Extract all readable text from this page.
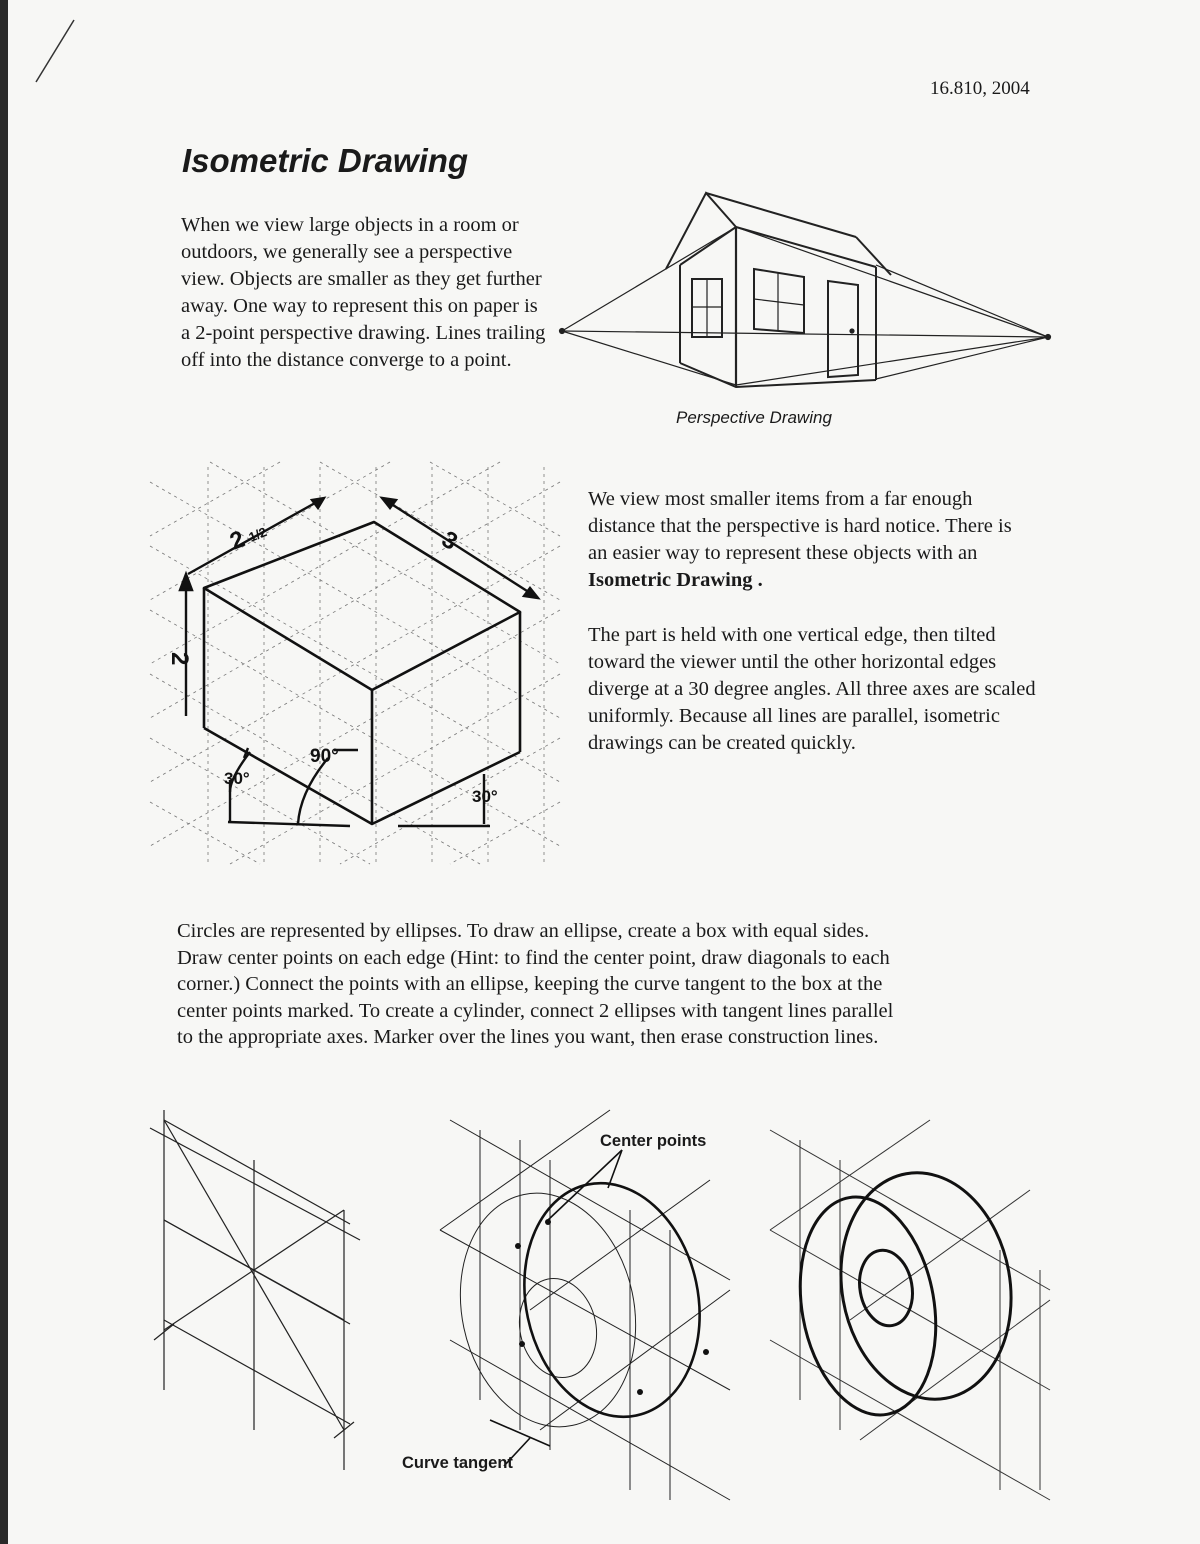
16.810, 2004
Isometric Drawing

When we view large objects in a room or outdoors, we generally see a perspective view. Objects are smaller as they get further away. One way to represent this on paper is a 2-point perspective drawing. Lines trailing off into the distance converge to a point.

Perspective Drawing
2
1/2	3
2
90°
30°
30°

We view most smaller items from a far enough distance that the perspective is hard notice. There is an easier way to represent these objects with an Isometric Drawing .

The part is held with one vertical edge, then tilted toward the viewer until the other horizontal edges diverge at a 30 degree angles. All three axes are scaled uniformly. Because all lines are parallel, isometric drawings can be created quickly.

Circles are represented by ellipses. To draw an ellipse, create a box with equal sides.
Draw center points on each edge (Hint: to find the center point, draw diagonals to each
corner.) Connect the points with an ellipse, keeping the curve tangent to the box at the
center points marked. To create a cylinder, connect 2 ellipses with tangent lines parallel
to the appropriate axes. Marker over the lines you want, then erase construction lines.

Center points
Curve tangent
